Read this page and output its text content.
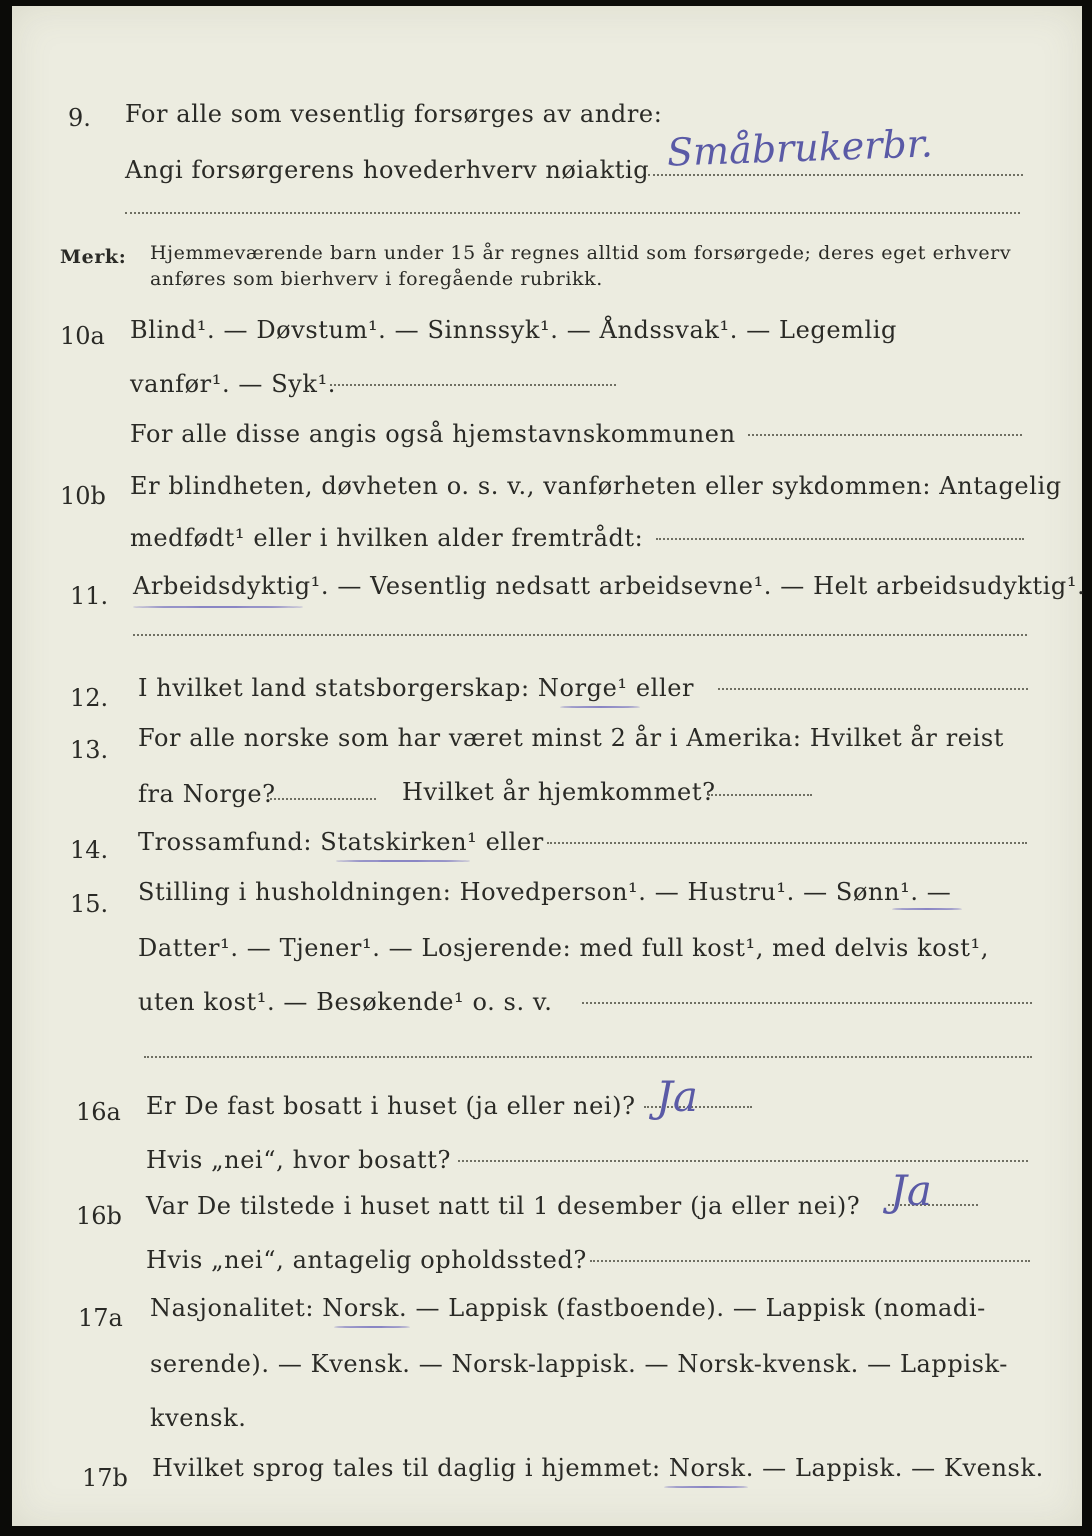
9. For alle som vesentlig forsørges av andre:
Angi forsørgerens hovederhverv nøiaktig Småbrukerbr.
Merk: Hjemmeværende barn under 15 år regnes alltid som forsørgede; deres eget erhverv
anføres som bierhverv i foregående rubrikk.
10a Blind¹. — Døvstum¹. — Sinnssyk¹. — Åndssvak¹. — Legemlig
vanfør¹. — Syk¹.
For alle disse angis også hjemstavnskommunen
10b Er blindheten, døvheten o. s. v., vanførheten eller sykdommen: Antagelig
medfødt¹ eller i hvilken alder fremtrådt:
11. Arbeidsdyktig¹. — Vesentlig nedsatt arbeidsevne¹. — Helt arbeidsudyktig¹.
12. I hvilket land statsborgerskap: Norge¹ eller
13. For alle norske som har været minst 2 år i Amerika: Hvilket år reist
fra Norge?	Hvilket år hjemkommet?
14. Trossamfund: Statskirken¹ eller
15. Stilling i husholdningen: Hovedperson¹. — Hustru¹. — Sønn¹. —
Datter¹. — Tjener¹. — Losjerende: med full kost¹, med delvis kost¹,
uten kost¹. — Besøkende¹ o. s. v.
16a Er De fast bosatt i huset (ja eller nei)? Ja
Hvis „nei“, hvor bosatt?
16b Var De tilstede i huset natt til 1 desember (ja eller nei)? Ja
Hvis „nei“, antagelig opholdssted?
17a Nasjonalitet: Norsk. — Lappisk (fastboende). — Lappisk (nomadi-
serende). — Kvensk. — Norsk-lappisk. — Norsk-kvensk. — Lappisk-
kvensk.
17b Hvilket sprog tales til daglig i hjemmet: Norsk. — Lappisk. — Kvensk.
